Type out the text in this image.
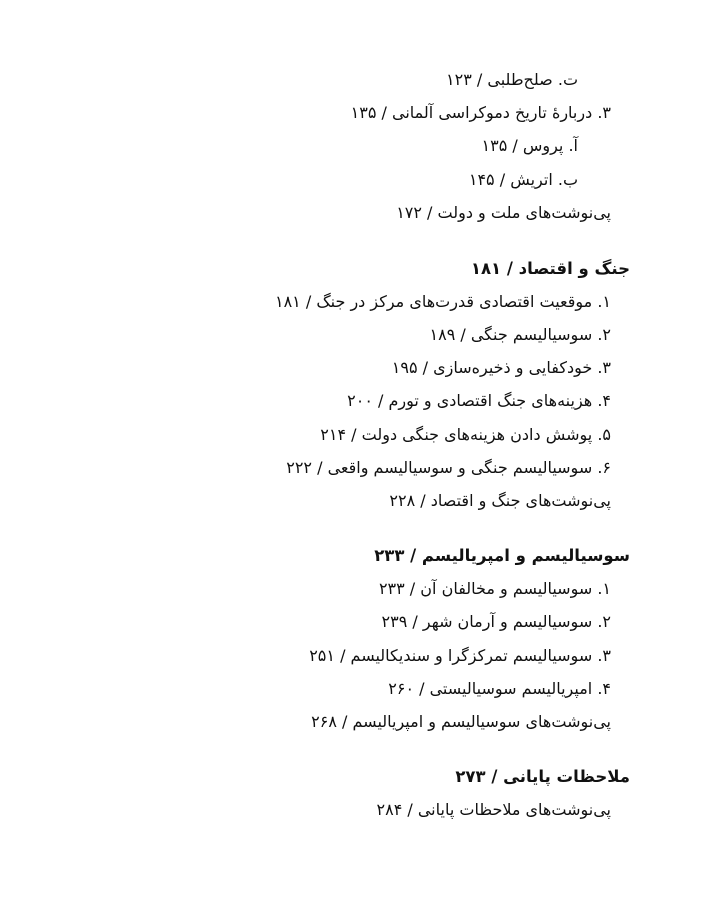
ت. صلح‌طلبی / ۱۲۳
۳. دربارهٔ تاریخ دموکراسی آلمانی / ۱۳۵
آ. پروس / ۱۳۵
ب. اتریش / ۱۴۵
پی‌نوشت‌های ملت و دولت / ۱۷۲
جنگ و اقتصاد / ۱۸۱
۱. موقعیت اقتصادی قدرت‌های مرکز در جنگ / ۱۸۱
۲. سوسیالیسم جنگی / ۱۸۹
۳. خودکفایی و ذخیره‌سازی / ۱۹۵
۴. هزینه‌های جنگ اقتصادی و تورم / ۲۰۰
۵. پوشش دادن هزینه‌های جنگی دولت / ۲۱۴
۶. سوسیالیسم جنگی و سوسیالیسم واقعی / ۲۲۲
پی‌نوشت‌های جنگ و اقتصاد / ۲۲۸
سوسیالیسم و امپریالیسم / ۲۳۳
۱. سوسیالیسم و مخالفان آن / ۲۳۳
۲. سوسیالیسم و آرمان شهر / ۲۳۹
۳. سوسیالیسم تمرکزگرا و سندیکالیسم / ۲۵۱
۴. امپریالیسم سوسیالیستی / ۲۶۰
پی‌نوشت‌های سوسیالیسم و امپریالیسم / ۲۶۸
ملاحظات پایانی / ۲۷۳
پی‌نوشت‌های ملاحظات پایانی / ۲۸۴
